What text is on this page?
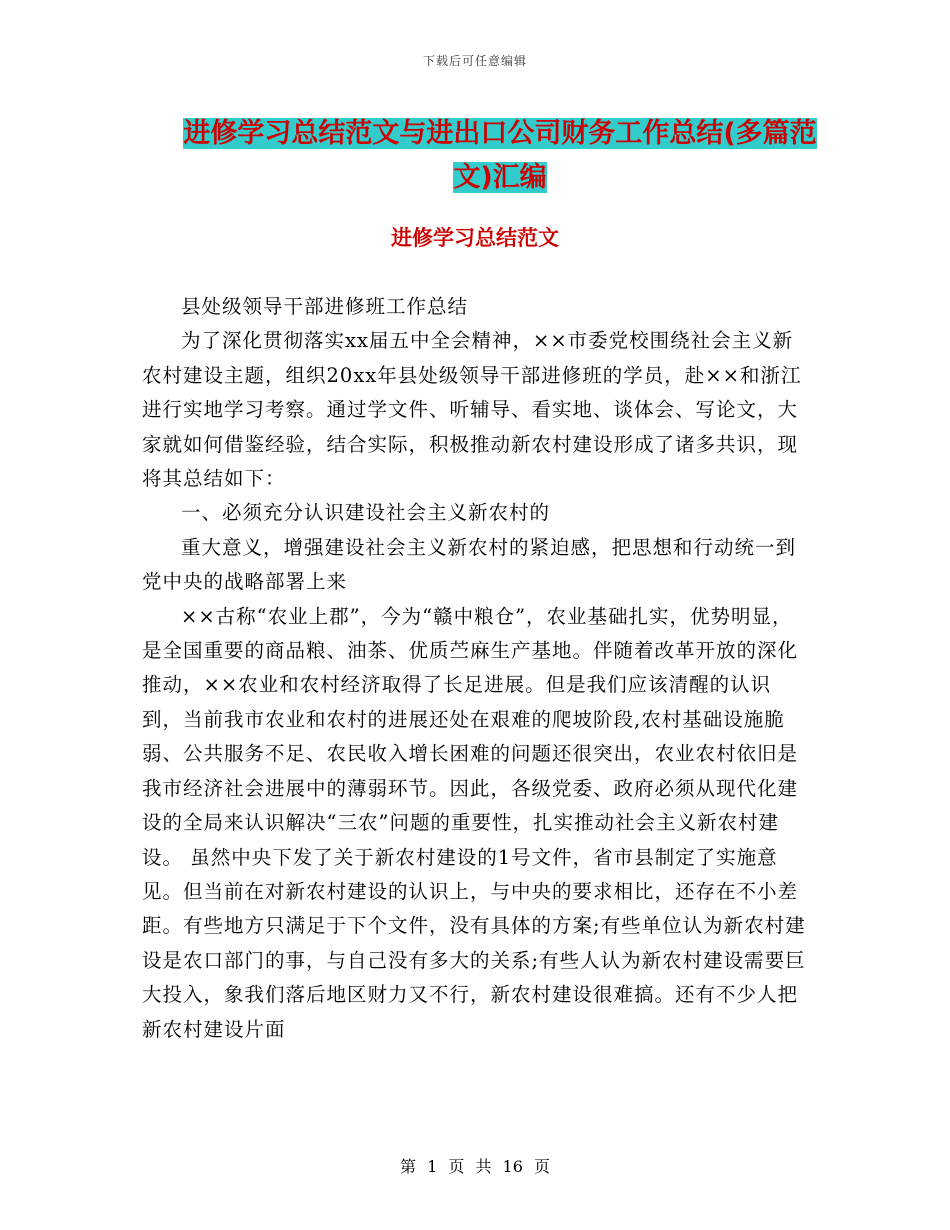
下载后可任意编辑
进修学习总结范文与进出口公司财务工作总结(多篇范文)汇编
进修学习总结范文

县处级领导干部进修班工作总结

为了深化贯彻落实xx届五中全会精神，××市委党校围绕社会主义新农村建设主题，组织20xx年县处级领导干部进修班的学员，赴××和浙江进行实地学习考察。通过学文件、听辅导、看实地、谈体会、写论文，大家就如何借鉴经验，结合实际，积极推动新农村建设形成了诸多共识，现将其总结如下：

一、必须充分认识建设社会主义新农村的

重大意义，增强建设社会主义新农村的紧迫感，把思想和行动统一到党中央的战略部署上来

××古称“农业上郡”，今为“赣中粮仓”，农业基础扎实，优势明显，是全国重要的商品粮、油茶、优质苎麻生产基地。伴随着改革开放的深化推动，××农业和农村经济取得了长足进展。但是我们应该清醒的认识到，当前我市农业和农村的进展还处在艰难的爬坡阶段,农村基础设施脆弱、公共服务不足、农民收入增长困难的问题还很突出，农业农村依旧是我市经济社会进展中的薄弱环节。因此，各级党委、政府必须从现代化建设的全局来认识解决“三农”问题的重要性，扎实推动社会主义新农村建设。 虽然中央下发了关于新农村建设的1号文件，省市县制定了实施意见。但当前在对新农村建设的认识上，与中央的要求相比，还存在不小差距。有些地方只满足于下个文件，没有具体的方案;有些单位认为新农村建设是农口部门的事，与自己没有多大的关系;有些人认为新农村建设需要巨大投入，象我们落后地区财力又不行，新农村建设很难搞。还有不少人把新农村建设片面

第 1 页 共 16 页
